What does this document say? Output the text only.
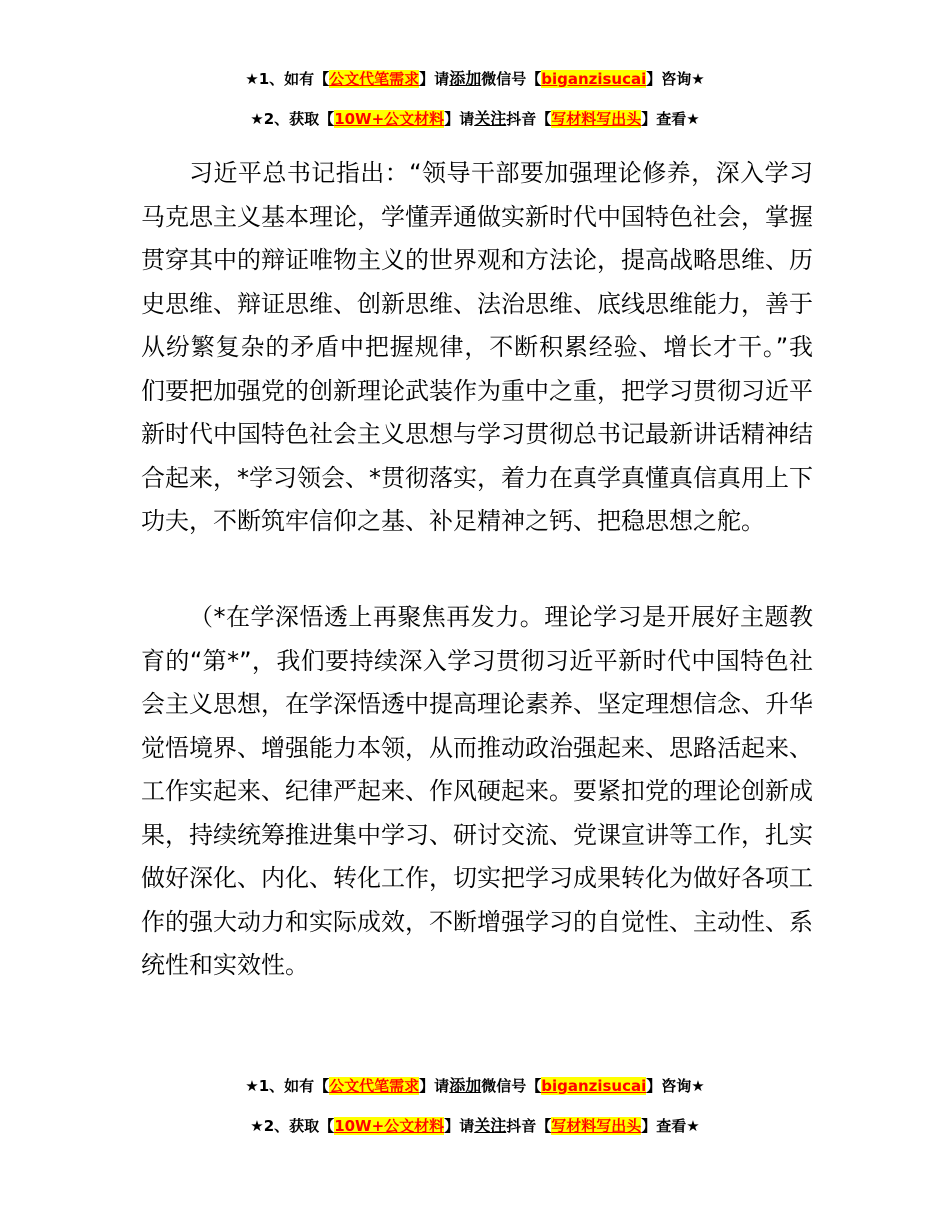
★1、如有【公文代笔需求】请添加微信号【biganzisucai】咨询★
★2、获取【10W+公文材料】请关注抖音【写材料写出头】查看★

习近平总书记指出：“领导干部要加强理论修养，深入学习马克思主义基本理论，学懂弄通做实新时代中国特色社会，掌握贯穿其中的辩证唯物主义的世界观和方法论，提高战略思维、历史思维、辩证思维、创新思维、法治思维、底线思维能力，善于从纷繁复杂的矛盾中把握规律，不断积累经验、增长才干。”我们要把加强党的创新理论武装作为重中之重，把学习贯彻习近平新时代中国特色社会主义思想与学习贯彻总书记最新讲话精神结合起来，*学习领会、*贯彻落实，着力在真学真懂真信真用上下功夫，不断筑牢信仰之基、补足精神之钙、把稳思想之舵。

（*在学深悟透上再聚焦再发力。理论学习是开展好主题教育的“第*”，我们要持续深入学习贯彻习近平新时代中国特色社会主义思想，在学深悟透中提高理论素养、坚定理想信念、升华觉悟境界、增强能力本领，从而推动政治强起来、思路活起来、工作实起来、纪律严起来、作风硬起来。要紧扣党的理论创新成果，持续统筹推进集中学习、研讨交流、党课宣讲等工作，扎实做好深化、内化、转化工作，切实把学习成果转化为做好各项工作的强大动力和实际成效，不断增强学习的自觉性、主动性、系统性和实效性。

★1、如有【公文代笔需求】请添加微信号【biganzisucai】咨询★
★2、获取【10W+公文材料】请关注抖音【写材料写出头】查看★
